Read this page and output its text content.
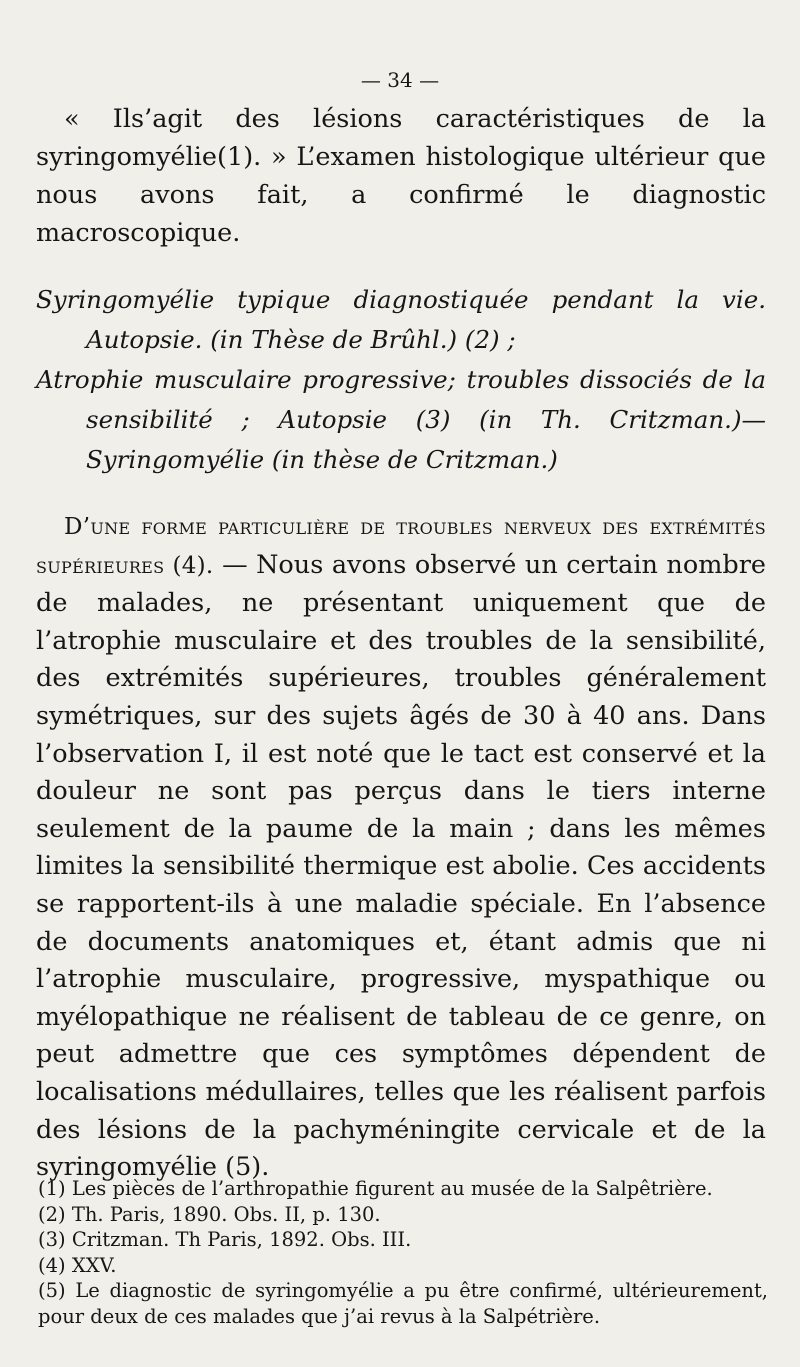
— 34 —

« Ils’agit des lésions caractéristiques de la syringomyélie(1). » L’examen histologique ultérieur que nous avons fait, a confirmé le diagnostic macroscopique.

Syringomyélie typique diagnostiquée pendant la vie. Autopsie. (in Thèse de Brûhl.) (2) ;

Atrophie musculaire progressive; troubles dissociés de la sensibilité ; Autopsie (3) (in Th. Critzman.)— Syringomyélie (in thèse de Critzman.)

D’une forme particulière de troubles nerveux des extrémités supérieures (4). — Nous avons observé un certain nombre de malades, ne présentant uniquement que de l’atrophie musculaire et des troubles de la sensibilité, des extrémités supérieures, troubles généralement symétriques, sur des sujets âgés de 30 à 40 ans. Dans l’observation I, il est noté que le tact est conservé et la douleur ne sont pas perçus dans le tiers interne seulement de la paume de la main ; dans les mêmes limites la sensibilité thermique est abolie. Ces accidents se rapportent-ils à une maladie spéciale. En l’absence de documents anatomiques et, étant admis que ni l’atrophie musculaire, progressive, myspathique ou myélopathique ne réalisent de tableau de ce genre, on peut admettre que ces symptômes dépendent de localisations médullaires, telles que les réalisent parfois des lésions de la pachyméningite cervicale et de la syringomyélie (5).

(1) Les pièces de l’arthropathie figurent au musée de la Salpêtrière.

(2) Th. Paris, 1890. Obs. II, p. 130.

(3) Critzman. Th Paris, 1892. Obs. III.

(4) XXV.

(5) Le diagnostic de syringomyélie a pu être confirmé, ultérieurement, pour deux de ces malades que j’ai revus à la Salpétrière.
